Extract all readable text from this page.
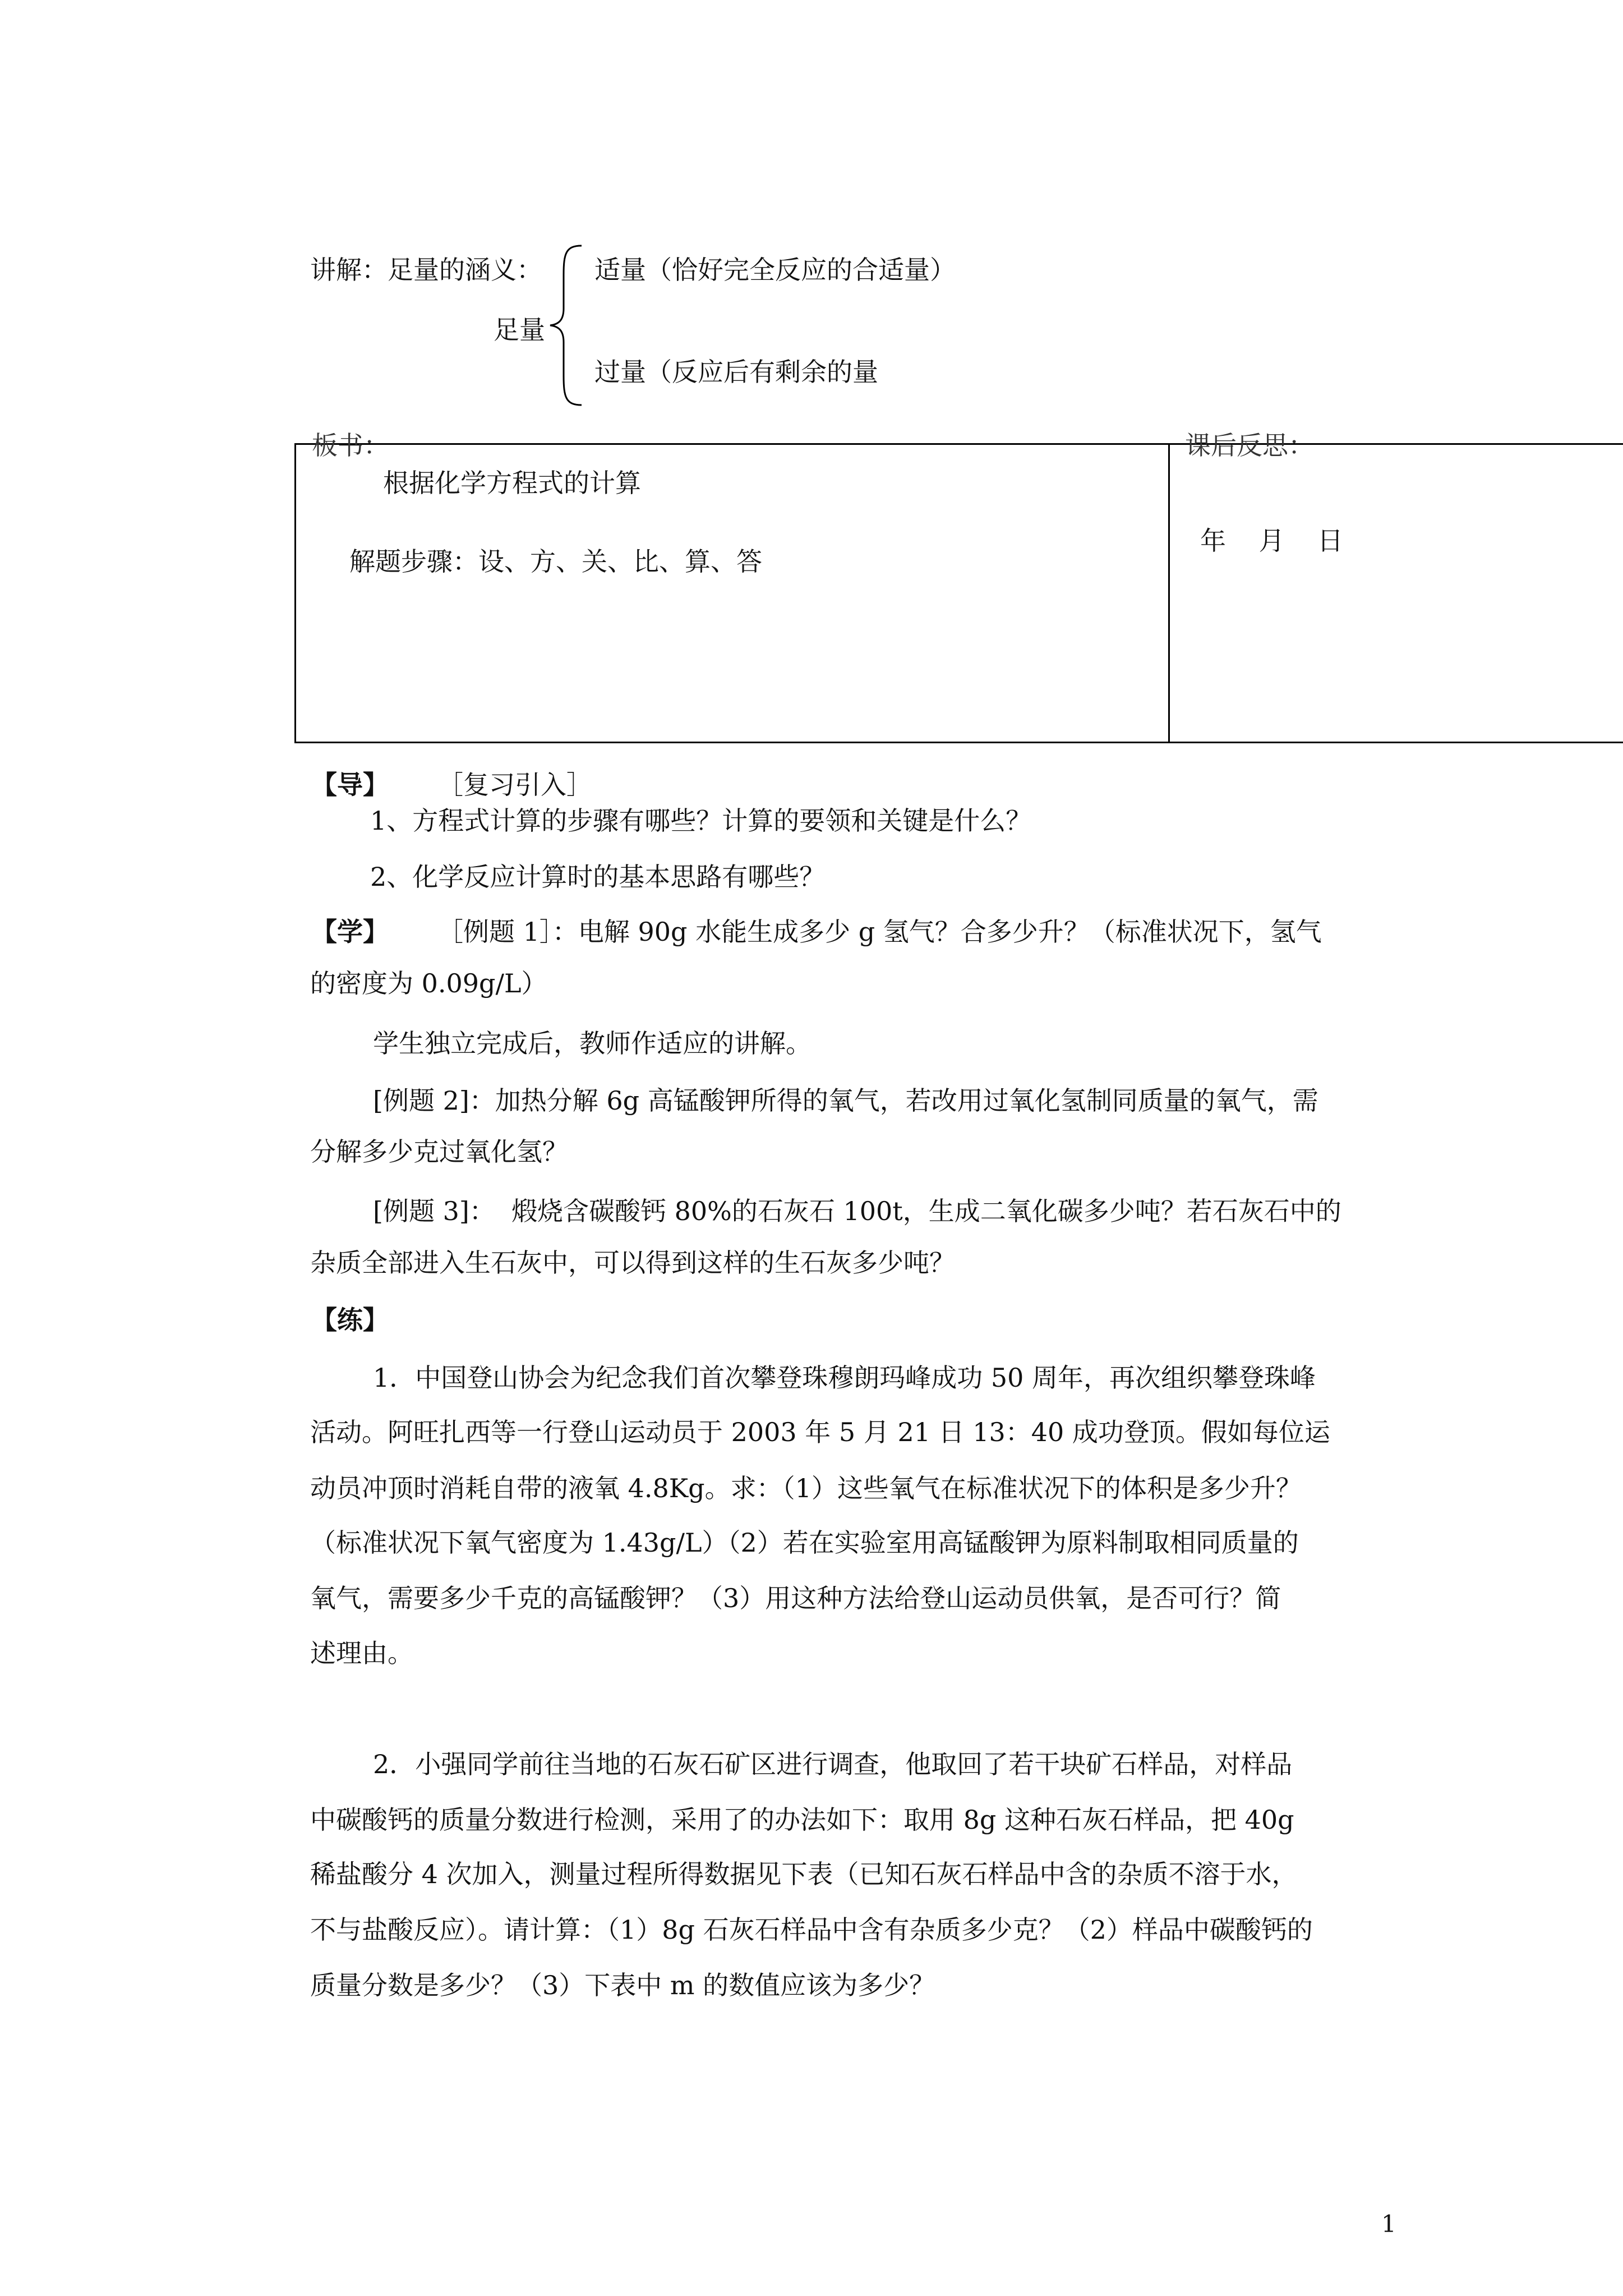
讲解：足量的涵义：
足量
适量（恰好完全反应的合适量）
过量（反应后有剩余的量
板书：
根据化学方程式的计算
解题步骤：设、方、关、比、算、答
课后反思：
年    月    日
【导】 ［复习引入］
1、方程式计算的步骤有哪些？计算的要领和关键是什么？
2、化学反应计算时的基本思路有哪些？
【学】 ［例题 1］：电解 90g 水能生成多少 g 氢气？合多少升？（标准状况下，氢气
的密度为 0.09g/L）
学生独立完成后，教师作适应的讲解。
[例题 2]：加热分解 6g 高锰酸钾所得的氧气，若改用过氧化氢制同质量的氧气，需
分解多少克过氧化氢？
[例题 3]：  煅烧含碳酸钙 80%的石灰石 100t，生成二氧化碳多少吨？若石灰石中的
杂质全部进入生石灰中，可以得到这样的生石灰多少吨？
【练】
1．中国登山协会为纪念我们首次攀登珠穆朗玛峰成功 50 周年，再次组织攀登珠峰
活动。阿旺扎西等一行登山运动员于 2003 年 5 月 21 日 13：40 成功登顶。假如每位运
动员冲顶时消耗自带的液氧 4.8Kg。求：（1）这些氧气在标准状况下的体积是多少升？
（标准状况下氧气密度为 1.43g/L）（2）若在实验室用高锰酸钾为原料制取相同质量的
氧气，需要多少千克的高锰酸钾？（3）用这种方法给登山运动员供氧，是否可行？简
述理由。
2．小强同学前往当地的石灰石矿区进行调查，他取回了若干块矿石样品，对样品
中碳酸钙的质量分数进行检测，采用了的办法如下：取用 8g 这种石灰石样品，把 40g
稀盐酸分 4 次加入，测量过程所得数据见下表（已知石灰石样品中含的杂质不溶于水，
不与盐酸反应）。请计算：（1）8g 石灰石样品中含有杂质多少克？（2）样品中碳酸钙的
质量分数是多少？（3）下表中 m 的数值应该为多少？
1
